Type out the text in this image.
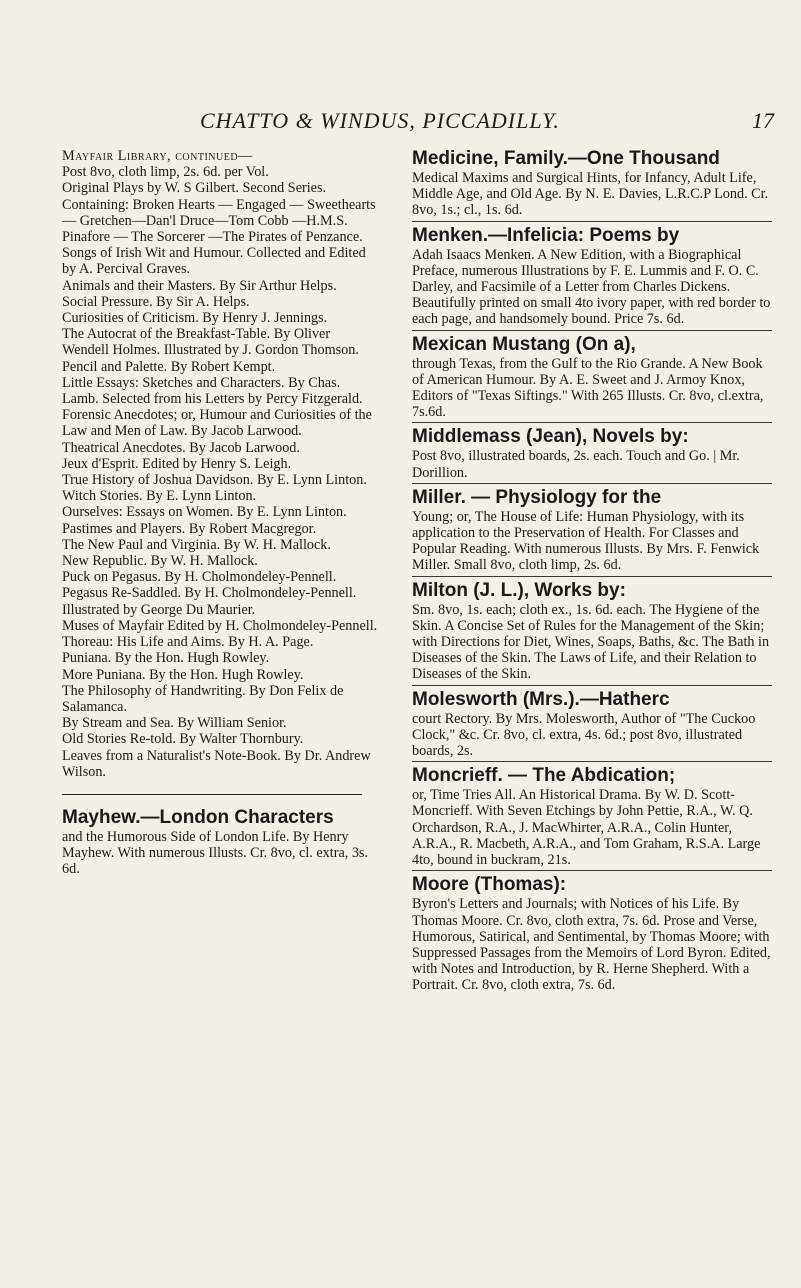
CHATTO & WINDUS, PICCADILLY.	17

Mayfair Library, continued—

Post 8vo, cloth limp, 2s. 6d. per Vol.

Original Plays by W. S Gilbert. Second Series. Containing: Broken Hearts — Engaged — Sweethearts — Gretchen—Dan'l Druce—Tom Cobb —H.M.S. Pinafore — The Sorcerer —The Pirates of Penzance.

Songs of Irish Wit and Humour. Collected and Edited by A. Percival Graves.

Animals and their Masters. By Sir Arthur Helps.

Social Pressure. By Sir A. Helps.

Curiosities of Criticism. By Henry J. Jennings.

The Autocrat of the Breakfast-Table. By Oliver Wendell Holmes. Illustrated by J. Gordon Thomson.

Pencil and Palette. By Robert Kempt.

Little Essays: Sketches and Characters. By Chas. Lamb. Selected from his Letters by Percy Fitzgerald.

Forensic Anecdotes; or, Humour and Curiosities of the Law and Men of Law. By Jacob Larwood.

Theatrical Anecdotes. By Jacob Larwood.

Jeux d'Esprit. Edited by Henry S. Leigh.

True History of Joshua Davidson. By E. Lynn Linton.

Witch Stories. By E. Lynn Linton.

Ourselves: Essays on Women. By E. Lynn Linton.

Pastimes and Players. By Robert Macgregor.

The New Paul and Virginia. By W. H. Mallock.

New Republic. By W. H. Mallock.

Puck on Pegasus. By H. Cholmondeley-Pennell.

Pegasus Re-Saddled. By H. Cholmondeley-Pennell. Illustrated by George Du Maurier.

Muses of Mayfair Edited by H. Cholmondeley-Pennell.

Thoreau: His Life and Aims. By H. A. Page.

Puniana. By the Hon. Hugh Rowley.

More Puniana. By the Hon. Hugh Rowley.

The Philosophy of Handwriting. By Don Felix de Salamanca.

By Stream and Sea. By William Senior.

Old Stories Re-told. By Walter Thornbury.

Leaves from a Naturalist's Note-Book. By Dr. Andrew Wilson.

Mayhew.—London Characters

and the Humorous Side of London Life. By Henry Mayhew. With numerous Illusts. Cr. 8vo, cl. extra, 3s. 6d.

Medicine, Family.—One Thousand
Medical Maxims and Surgical Hints, for Infancy, Adult Life, Middle Age, and Old Age. By N. E. Davies, L.R.C.P Lond. Cr. 8vo, 1s.; cl., 1s. 6d.
Menken.—Infelicia: Poems by
Adah Isaacs Menken. A New Edition, with a Biographical Preface, numerous Illustrations by F. E. Lummis and F. O. C. Darley, and Facsimile of a Letter from Charles Dickens. Beautifully printed on small 4to ivory paper, with red border to each page, and handsomely bound. Price 7s. 6d.
Mexican Mustang (On a),
through Texas, from the Gulf to the Rio Grande. A New Book of American Humour. By A. E. Sweet and J. Armoy Knox, Editors of "Texas Siftings." With 265 Illusts. Cr. 8vo, cl.extra, 7s.6d.
Middlemass (Jean), Novels by:
Post 8vo, illustrated boards, 2s. each. Touch and Go. | Mr. Dorillion.
Miller. — Physiology for the
Young; or, The House of Life: Human Physiology, with its application to the Preservation of Health. For Classes and Popular Reading. With numerous Illusts. By Mrs. F. Fenwick Miller. Small 8vo, cloth limp, 2s. 6d.
Milton (J. L.), Works by:
Sm. 8vo, 1s. each; cloth ex., 1s. 6d. each. The Hygiene of the Skin. A Concise Set of Rules for the Management of the Skin; with Directions for Diet, Wines, Soaps, Baths, &c. The Bath in Diseases of the Skin. The Laws of Life, and their Relation to Diseases of the Skin.
Molesworth (Mrs.).—Hatherc
court Rectory. By Mrs. Molesworth, Author of "The Cuckoo Clock," &c. Cr. 8vo, cl. extra, 4s. 6d.; post 8vo, illustrated boards, 2s.
Moncrieff. — The Abdication;
or, Time Tries All. An Historical Drama. By W. D. Scott-Moncrieff. With Seven Etchings by John Pettie, R.A., W. Q. Orchardson, R.A., J. MacWhirter, A.R.A., Colin Hunter, A.R.A., R. Macbeth, A.R.A., and Tom Graham, R.S.A. Large 4to, bound in buckram, 21s.
Moore (Thomas):
Byron's Letters and Journals; with Notices of his Life. By Thomas Moore. Cr. 8vo, cloth extra, 7s. 6d. Prose and Verse, Humorous, Satirical, and Sentimental, by Thomas Moore; with Suppressed Passages from the Memoirs of Lord Byron. Edited, with Notes and Introduction, by R. Herne Shepherd. With a Portrait. Cr. 8vo, cloth extra, 7s. 6d.
